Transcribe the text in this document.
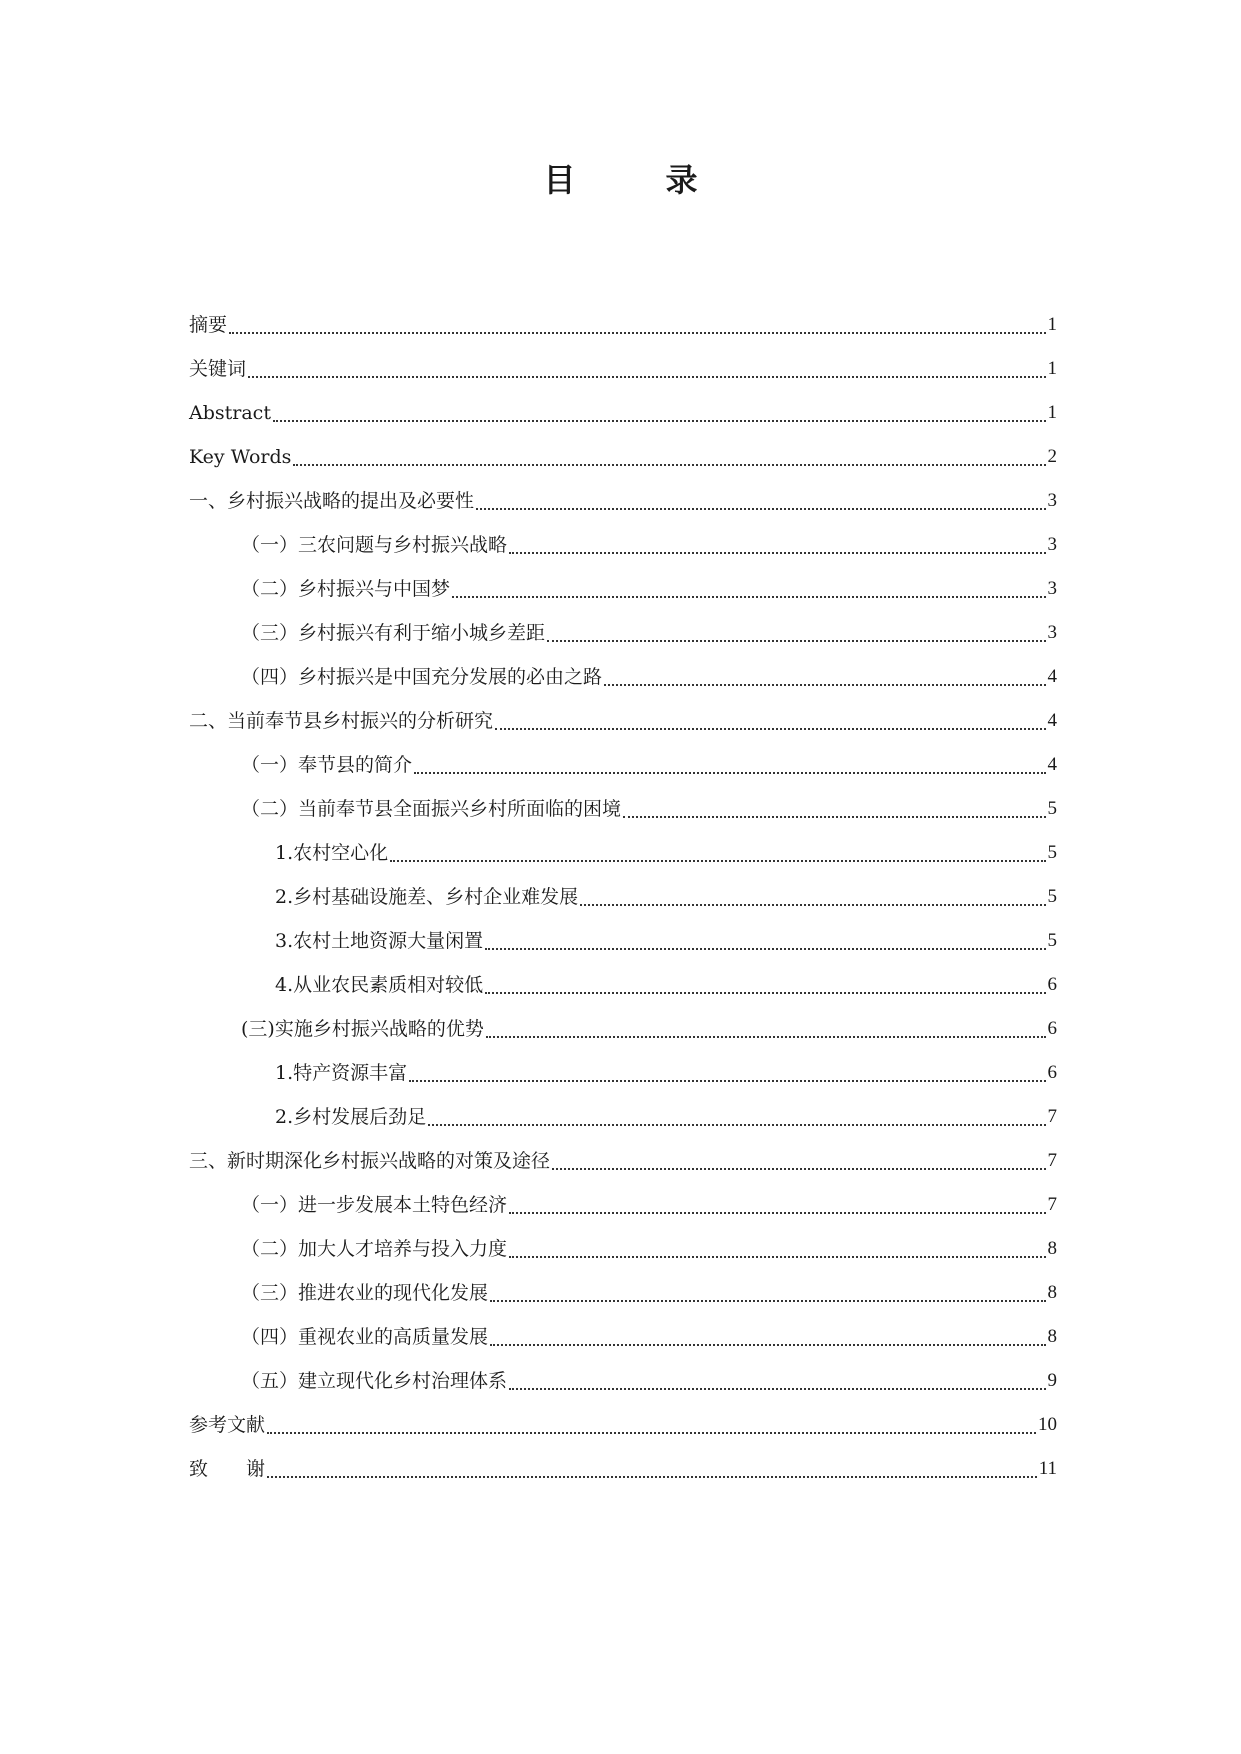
目	录
摘要	1
关键词	1
Abstract	1
Key Words	2
一、乡村振兴战略的提出及必要性	3
（一）三农问题与乡村振兴战略	3
（二）乡村振兴与中国梦	3
（三）乡村振兴有利于缩小城乡差距	3
（四）乡村振兴是中国充分发展的必由之路	4
二、当前奉节县乡村振兴的分析研究	4
（一）奉节县的简介	4
（二）当前奉节县全面振兴乡村所面临的困境	5
1.农村空心化	5
2.乡村基础设施差、乡村企业难发展	5
3.农村土地资源大量闲置	5
4.从业农民素质相对较低	6
(三)实施乡村振兴战略的优势	6
1.特产资源丰富	6
2.乡村发展后劲足	7
三、新时期深化乡村振兴战略的对策及途径	7
（一）进一步发展本土特色经济	7
（二）加大人才培养与投入力度	8
（三）推进农业的现代化发展	8
（四）重视农业的高质量发展	8
（五）建立现代化乡村治理体系	9
参考文献	10
致　　谢	11
